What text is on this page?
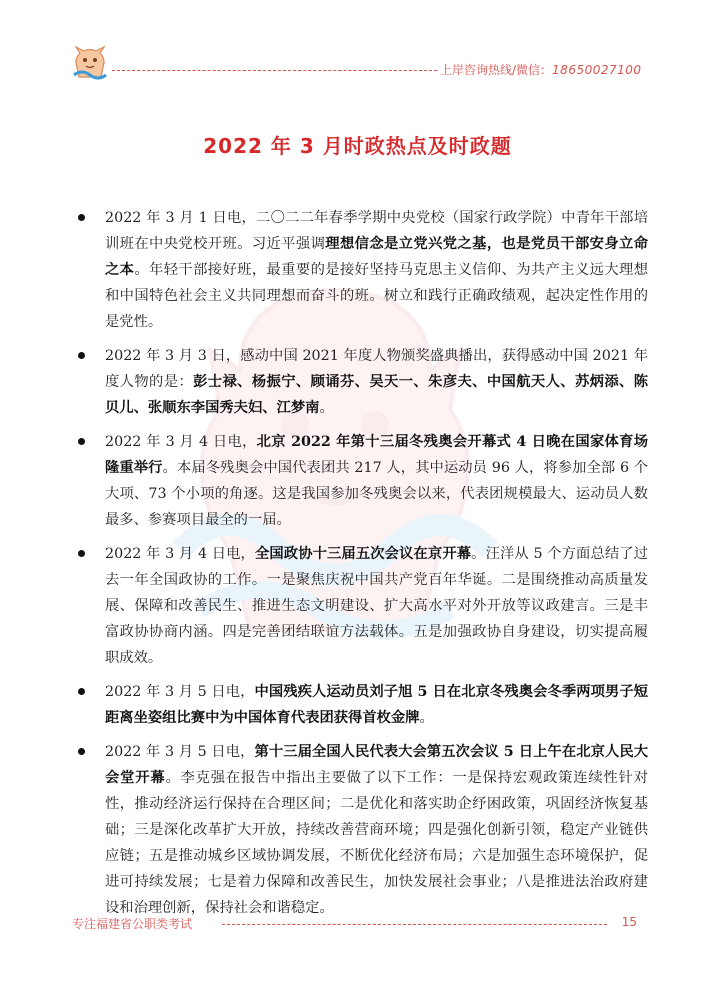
上岸咨询热线/微信：18650027100
2022 年 3 月时政热点及时政题
2022 年 3 月 1 日电，二〇二二年春季学期中央党校（国家行政学院）中青年干部培训班在中央党校开班。习近平强调理想信念是立党兴党之基，也是党员干部安身立命之本。年轻干部接好班，最重要的是接好坚持马克思主义信仰、为共产主义远大理想和中国特色社会主义共同理想而奋斗的班。树立和践行正确政绩观，起决定性作用的是党性。
2022 年 3 月 3 日，感动中国 2021 年度人物颁奖盛典播出，获得感动中国 2021 年度人物的是：彭士禄、杨振宁、顾诵芬、吴天一、朱彦夫、中国航天人、苏炳添、陈贝儿、张顺东李国秀夫妇、江梦南。
2022 年 3 月 4 日电，北京 2022 年第十三届冬残奥会开幕式 4 日晚在国家体育场隆重举行。本届冬残奥会中国代表团共 217 人，其中运动员 96 人，将参加全部 6 个大项、73 个小项的角逐。这是我国参加冬残奥会以来，代表团规模最大、运动员人数最多、参赛项目最全的一届。
2022 年 3 月 4 日电，全国政协十三届五次会议在京开幕。汪洋从 5 个方面总结了过去一年全国政协的工作。一是聚焦庆祝中国共产党百年华诞。二是围绕推动高质量发展、保障和改善民生、推进生态文明建设、扩大高水平对外开放等议政建言。三是丰富政协协商内涵。四是完善团结联谊方法载体。五是加强政协自身建设，切实提高履职成效。
2022 年 3 月 5 日电，中国残疾人运动员刘子旭 5 日在北京冬残奥会冬季两项男子短距离坐姿组比赛中为中国体育代表团获得首枚金牌。
2022 年 3 月 5 日电，第十三届全国人民代表大会第五次会议 5 日上午在北京人民大会堂开幕。李克强在报告中指出主要做了以下工作：一是保持宏观政策连续性针对性，推动经济运行保持在合理区间；二是优化和落实助企纾困政策，巩固经济恢复基础；三是深化改革扩大开放，持续改善营商环境；四是强化创新引领，稳定产业链供应链；五是推动城乡区域协调发展，不断优化经济布局；六是加强生态环境保护，促进可持续发展；七是着力保障和改善民生，加快发展社会事业；八是推进法治政府建设和治理创新，保持社会和谐稳定。
专注福建省公职类考试	15
